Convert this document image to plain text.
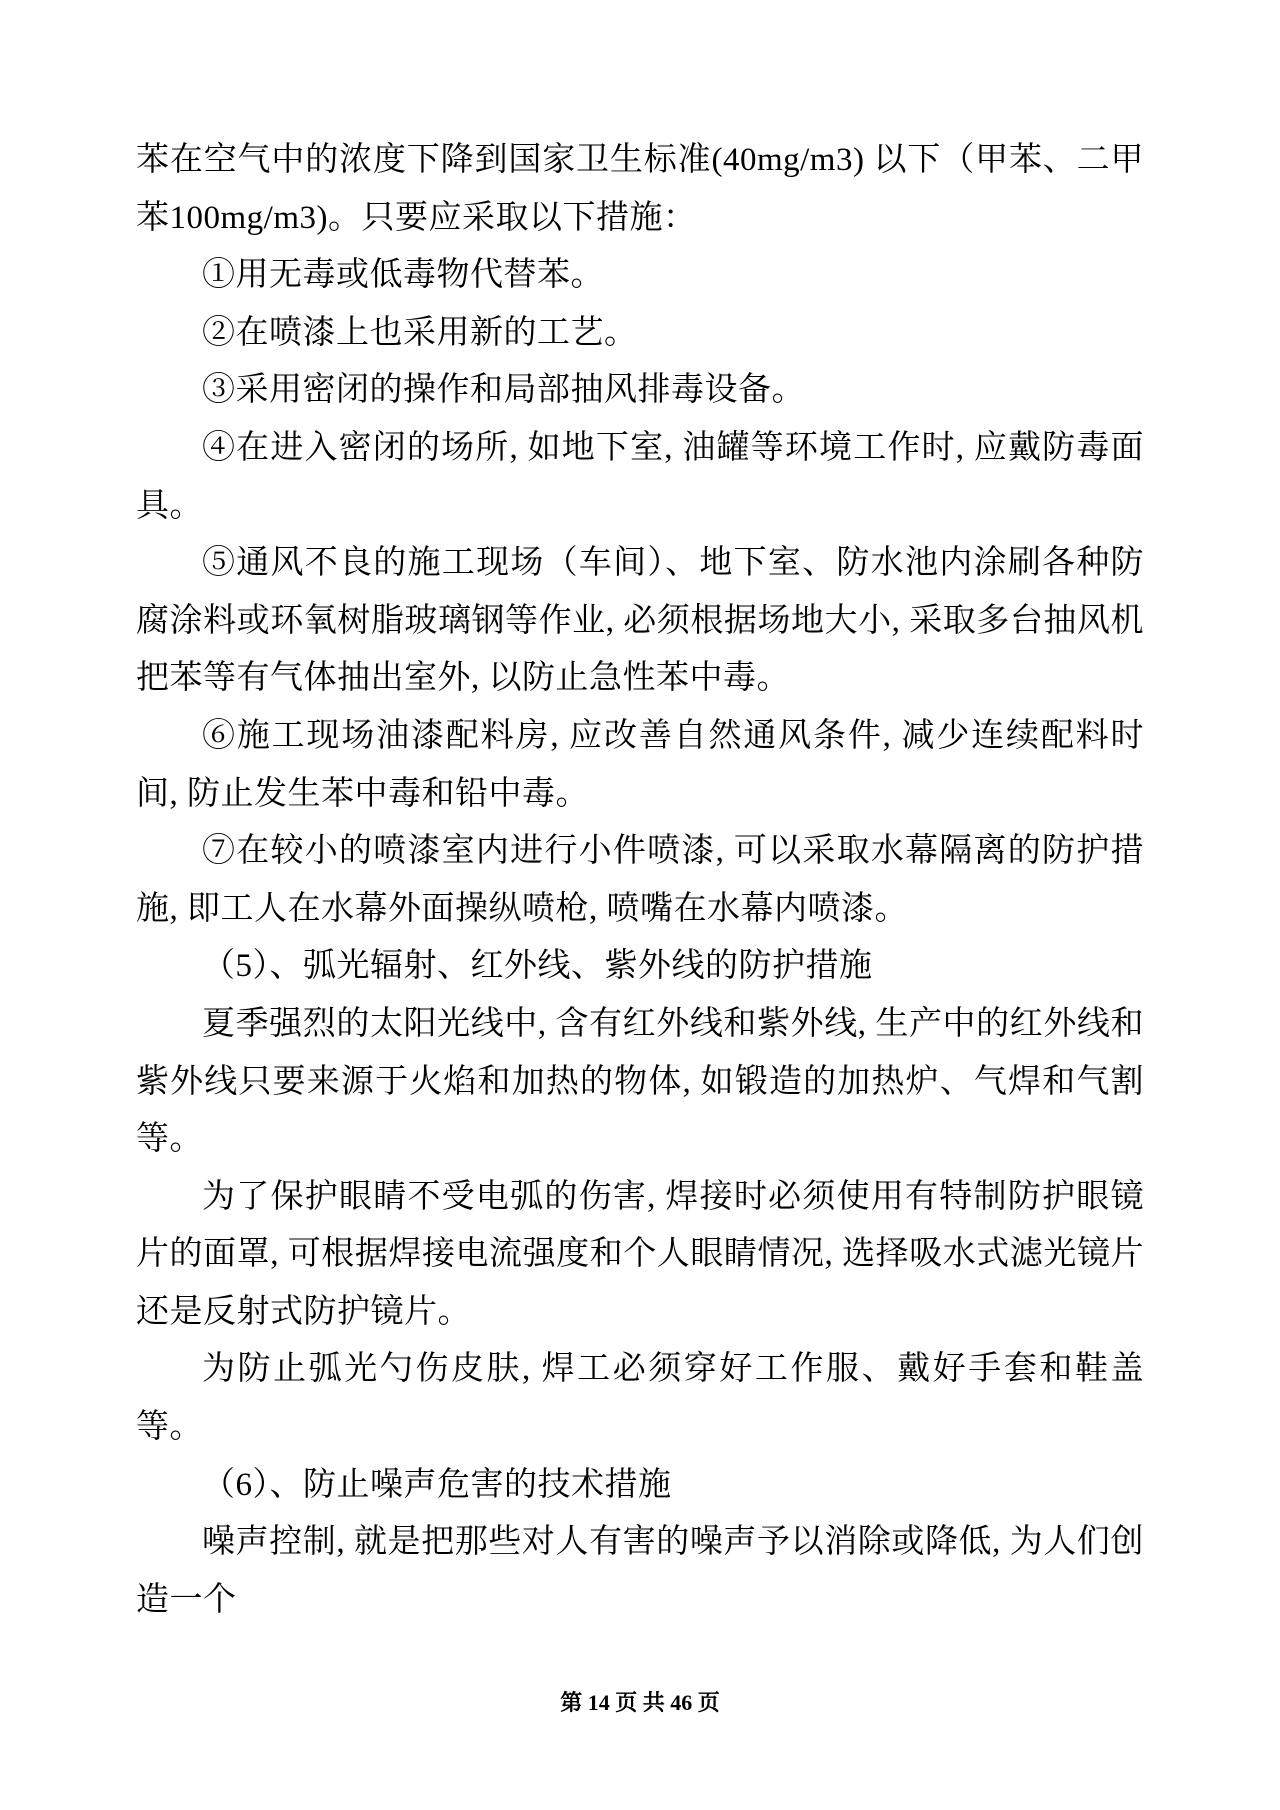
苯在空气中的浓度下降到国家卫生标准(40mg/m3) 以下（甲苯、二甲苯100mg/m3)。只要应采取以下措施：

①用无毒或低毒物代替苯。

②在喷漆上也采用新的工艺。

③采用密闭的操作和局部抽风排毒设备。

④在进入密闭的场所, 如地下室, 油罐等环境工作时, 应戴防毒面具。

⑤通风不良的施工现场（车间）、地下室、防水池内涂刷各种防腐涂料或环氧树脂玻璃钢等作业, 必须根据场地大小, 采取多台抽风机把苯等有气体抽出室外, 以防止急性苯中毒。

⑥施工现场油漆配料房, 应改善自然通风条件, 减少连续配料时间, 防止发生苯中毒和铅中毒。

⑦在较小的喷漆室内进行小件喷漆, 可以采取水幕隔离的防护措施, 即工人在水幕外面操纵喷枪, 喷嘴在水幕内喷漆。

（5）、弧光辐射、红外线、紫外线的防护措施

夏季强烈的太阳光线中, 含有红外线和紫外线, 生产中的红外线和紫外线只要来源于火焰和加热的物体, 如锻造的加热炉、气焊和气割等。

为了保护眼睛不受电弧的伤害, 焊接时必须使用有特制防护眼镜片的面罩, 可根据焊接电流强度和个人眼睛情况, 选择吸水式滤光镜片还是反射式防护镜片。

为防止弧光勺伤皮肤, 焊工必须穿好工作服、戴好手套和鞋盖等。

（6）、防止噪声危害的技术措施

噪声控制, 就是把那些对人有害的噪声予以消除或降低, 为人们创造一个

第 14 页 共 46 页
